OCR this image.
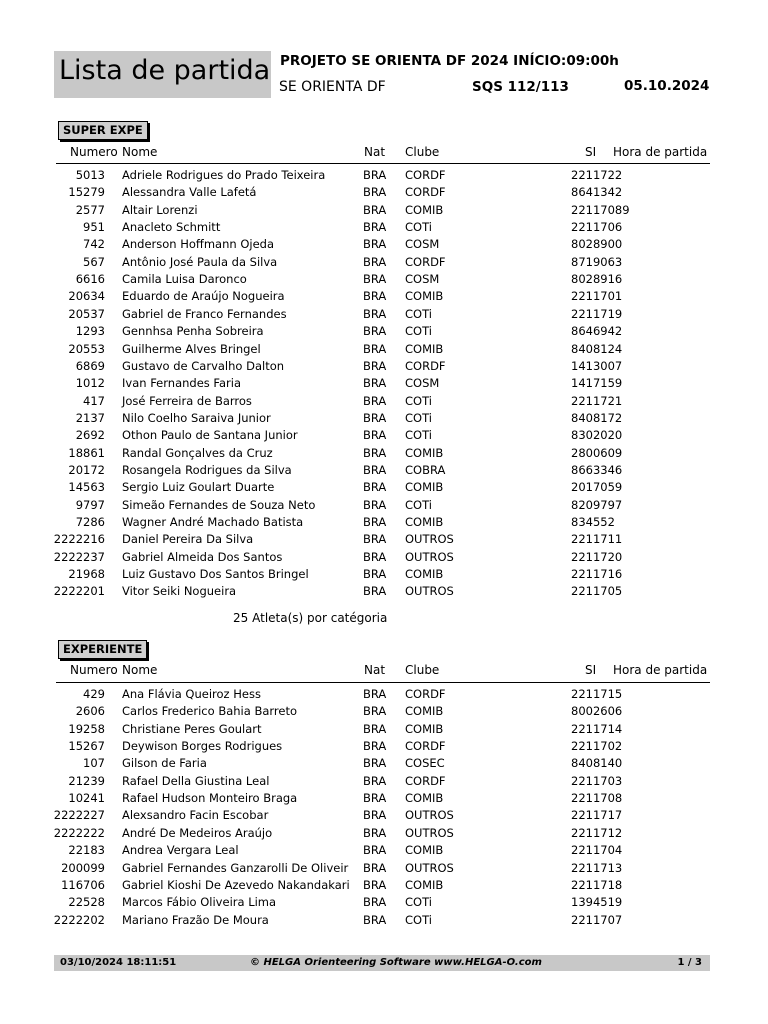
Lista de partida PROJETO SE ORIENTA DF 2024 INÍCIO:09:00h
SE ORIENTA DF	SQS 112/113	05.10.2024
SUPER EXPE
Numero Nome	Nat Clube	SI Hora de partida
5013 Adriele Rodrigues do Prado Teixeira	BRA CORDF	2211722
15279 Alessandra Valle Lafetá	BRA CORDF	8641342
2577 Altair Lorenzi	BRA COMIB	22117089
951 Anacleto Schmitt	BRA COTi	2211706
742 Anderson Hoffmann Ojeda	BRA COSM	8028900
567 Antônio José Paula da Silva	BRA CORDF	8719063
6616 Camila Luisa Daronco	BRA COSM	8028916
20634 Eduardo de Araújo Nogueira	BRA COMIB	2211701
20537 Gabriel de Franco Fernandes	BRA COTi	2211719
1293 Gennhsa Penha Sobreira	BRA COTi	8646942
20553 Guilherme Alves Bringel	BRA COMIB	8408124
6869 Gustavo de Carvalho Dalton	BRA CORDF	1413007
1012 Ivan Fernandes Faria	BRA COSM	1417159
417 José Ferreira de Barros	BRA COTi	2211721
2137 Nilo Coelho Saraiva Junior	BRA COTi	8408172
2692 Othon Paulo de Santana Junior	BRA COTi	8302020
18861 Randal Gonçalves da Cruz	BRA COMIB	2800609
20172 Rosangela Rodrigues da Silva	BRA COBRA	8663346
14563 Sergio Luiz Goulart Duarte	BRA COMIB	2017059
9797 Simeão Fernandes de Souza Neto	BRA COTi	8209797
7286 Wagner André Machado Batista	BRA COMIB	834552
2222216 Daniel Pereira Da Silva	BRA OUTROS	2211711
2222237 Gabriel Almeida Dos Santos	BRA OUTROS	2211720
21968 Luiz Gustavo Dos Santos Bringel	BRA COMIB	2211716
2222201 Vitor Seiki Nogueira	BRA OUTROS	2211705
25 Atleta(s) por catégoria
EXPERIENTE
Numero Nome	Nat Clube	SI Hora de partida
429 Ana Flávia Queiroz Hess	BRA CORDF	2211715
2606 Carlos Frederico Bahia Barreto	BRA COMIB	8002606
19258 Christiane Peres Goulart	BRA COMIB	2211714
15267 Deywison Borges Rodrigues	BRA CORDF	2211702
107 Gilson de Faria	BRA COSEC	8408140
21239 Rafael Della Giustina Leal	BRA CORDF	2211703
10241 Rafael Hudson Monteiro Braga	BRA COMIB	2211708
2222227 Alexsandro Facin Escobar	BRA OUTROS	2211717
2222222 André De Medeiros Araújo	BRA OUTROS	2211712
22183 Andrea Vergara Leal	BRA COMIB	2211704
200099 Gabriel Fernandes Ganzarolli De Oliveir BRA OUTROS	2211713
116706 Gabriel Kioshi De Azevedo Nakandakari BRA COMIB	2211718
22528 Marcos Fábio Oliveira Lima	BRA COTi	1394519
2222202 Mariano Frazão De Moura	BRA COTi	2211707
03/10/2024 18:11:51	© HELGA Orienteering Software www.HELGA-O.com	1 / 3
